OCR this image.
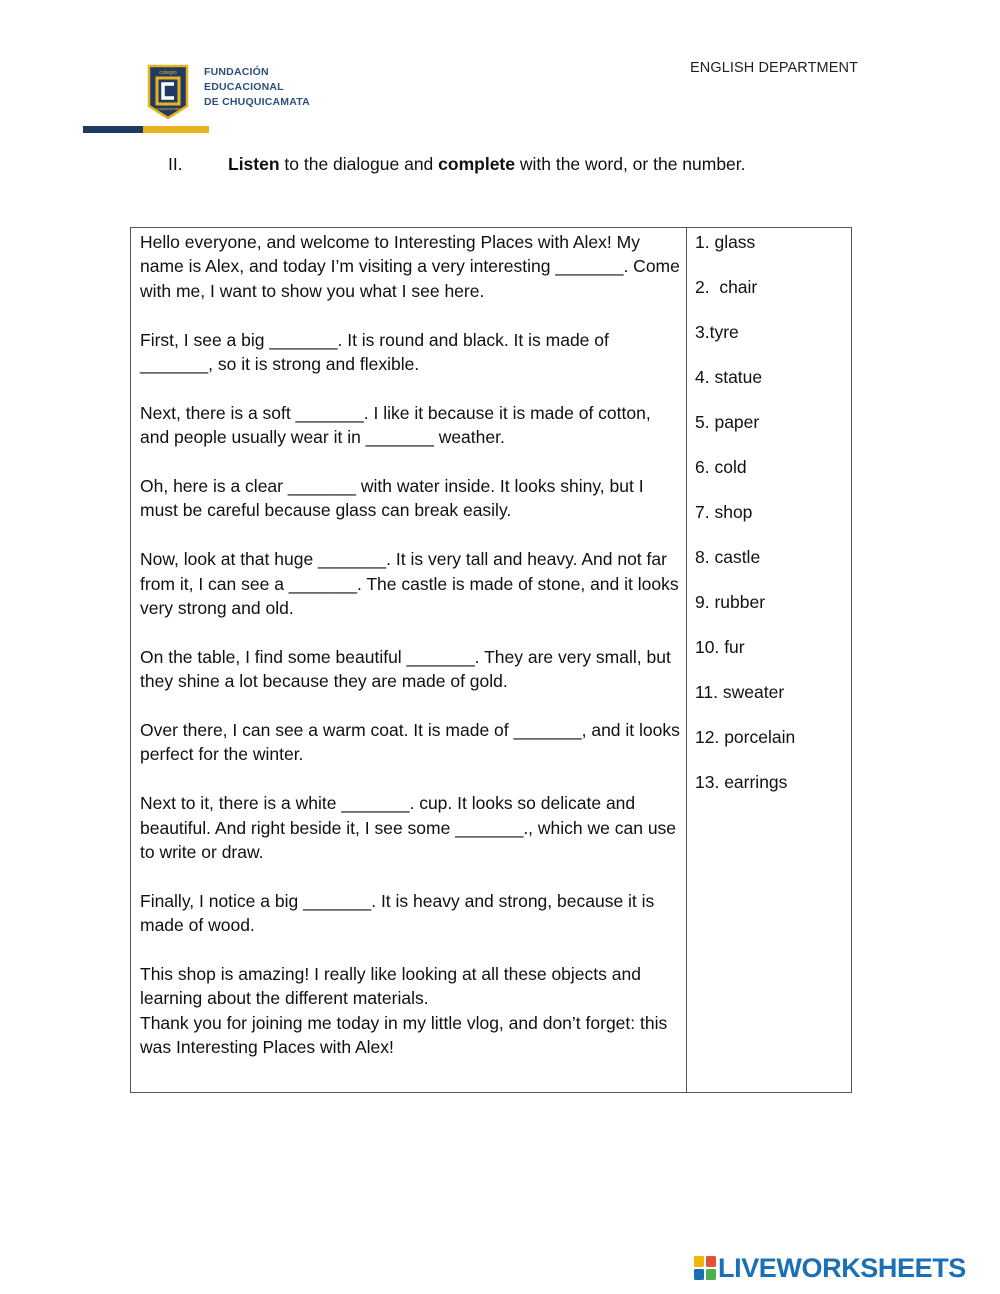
colegio
chuquicamata
FUNDACIÓN
EDUCACIONAL
DE CHUQUICAMATA
ENGLISH DEPARTMENT
II.	Listen to the dialogue and complete with the word, or the number.

Hello everyone, and welcome to Interesting Places with Alex! My name is Alex, and today I’m visiting a very interesting _______. Come with me, I want to show you what I see here.

First, I see a big _______. It is round and black. It is made of _______, so it is strong and flexible.

Next, there is a soft _______. I like it because it is made of cotton, and people usually wear it in _______ weather.

Oh, here is a clear _______ with water inside. It looks shiny, but I must be careful because glass can break easily.

Now, look at that huge _______. It is very tall and heavy. And not far from it, I can see a _______. The castle is made of stone, and it looks very strong and old.

On the table, I find some beautiful _______. They are very small, but they shine a lot because they are made of gold.

Over there, I can see a warm coat. It is made of _______, and it looks perfect for the winter.

Next to it, there is a white _______. cup. It looks so delicate and beautiful. And right beside it, I see some _______., which we can use to write or draw.

Finally, I notice a big _______. It is heavy and strong, because it is made of wood.

This shop is amazing! I really like looking at all these objects and learning about the different materials.

Thank you for joining me today in my little vlog, and don’t forget: this was Interesting Places with Alex!

1. glass
2.  chair
3.tyre
4. statue
5. paper
6. cold
7. shop
8. castle
9. rubber
10. fur
11. sweater
12. porcelain
13. earrings
LIVEWORKSHEETS
